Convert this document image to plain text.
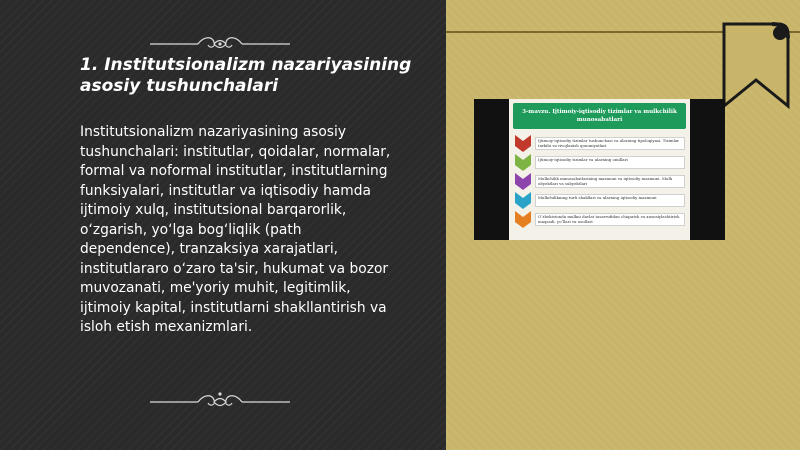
1. Institutsionalizm nazariyasining asosiy tushunchalari

Institutsionalizm nazariyasining asosiy tushunchalari: institutlar, qoidalar, normalar, formal va noformal institutlar, institutlarning funksiyalari, institutlar va iqtisodiy hamda ijtimoiy xulq, institutsional barqarorlik, o‘zgarish, yo‘lga bog‘liqlik (path dependence), tranzaksiya xarajatlari, institutlararo o‘zaro ta'sir, hukumat va bozor muvozanati, me'yoriy muhit, legitimlik, ijtimoiy kapital, institutlarni shakllantirish va isloh etish mexanizmlari.

3-mavzu. Ijtimoiy-iqtisodiy tizimlar va mulkchilik munosabatlari
Ijtimoiy-iqtisodiy tizimlar tushunchasi va ularning tipologiyasi. Tizimlar tarkibi va rivojlanish qonuniyatlari
Ijtimoiy-iqtisodiy tizimlar va ularning omillari
Mulkchilik munosabatlarining mazmuni va iqtisodiy mazmuni. Mulk obyektlari va subyektlari
Mulkchilikning turli shakllari va ularning iqtisodiy mazmuni
O‘zbekistonda mulkni davlat tasarrufidan chiqarish va xususiylashtirish maqsadi, yo‘llari va usullari
